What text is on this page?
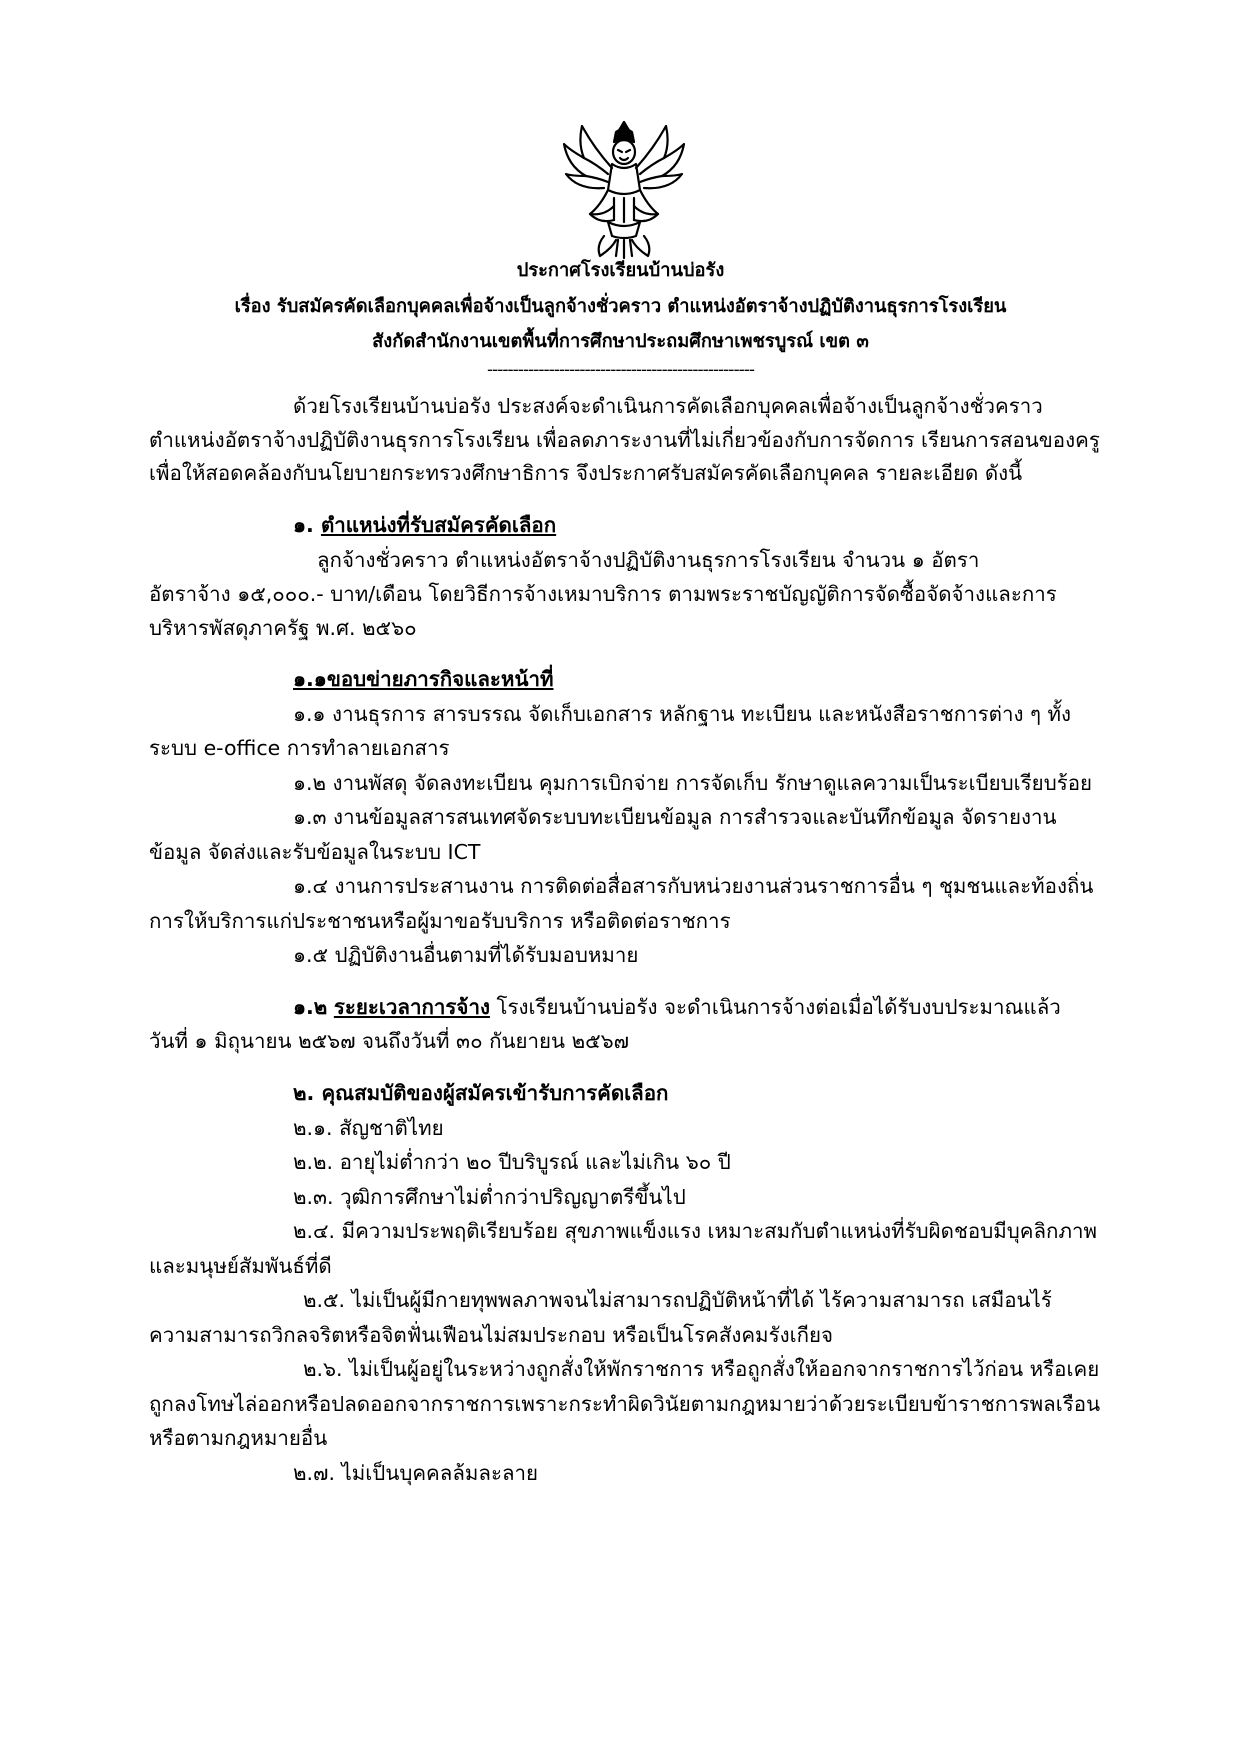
ประกาศโรงเรียนบ้านบ่อรัง
เรื่อง รับสมัครคัดเลือกบุคคลเพื่อจ้างเป็นลูกจ้างชั่วคราว ตำแหน่งอัตราจ้างปฏิบัติงานธุรการโรงเรียน
สังกัดสำนักงานเขตพื้นที่การศึกษาประถมศึกษาเพชรบูรณ์ เขต ๓
----------------------------------------------------
ด้วยโรงเรียนบ้านบ่อรัง ประสงค์จะดำเนินการคัดเลือกบุคคลเพื่อจ้างเป็นลูกจ้างชั่วคราว
ตำแหน่งอัตราจ้างปฏิบัติงานธุรการโรงเรียน เพื่อลดภาระงานที่ไม่เกี่ยวข้องกับการจัดการ เรียนการสอนของครู
เพื่อให้สอดคล้องกับนโยบายกระทรวงศึกษาธิการ จึงประกาศรับสมัครคัดเลือกบุคคล รายละเอียด ดังนี้
๑. ตำแหน่งที่รับสมัครคัดเลือก
ลูกจ้างชั่วคราว ตำแหน่งอัตราจ้างปฏิบัติงานธุรการโรงเรียน จำนวน ๑ อัตรา
อัตราจ้าง ๑๕,๐๐๐.- บาท/เดือน โดยวิธีการจ้างเหมาบริการ ตามพระราชบัญญัติการจัดซื้อจัดจ้างและการ
บริหารพัสดุภาครัฐ พ.ศ. ๒๕๖๐
๑.๑ขอบข่ายภารกิจและหน้าที่
๑.๑ งานธุรการ สารบรรณ จัดเก็บเอกสาร หลักฐาน ทะเบียน และหนังสือราชการต่าง ๆ ทั้ง
ระบบ e-office การทำลายเอกสาร
๑.๒ งานพัสดุ จัดลงทะเบียน คุมการเบิกจ่าย การจัดเก็บ รักษาดูแลความเป็นระเบียบเรียบร้อย
๑.๓ งานข้อมูลสารสนเทศจัดระบบทะเบียนข้อมูล การสำรวจและบันทึกข้อมูล จัดรายงาน
ข้อมูล จัดส่งและรับข้อมูลในระบบ ICT
๑.๔ งานการประสานงาน การติดต่อสื่อสารกับหน่วยงานส่วนราชการอื่น ๆ ชุมชนและท้องถิ่น
การให้บริการแก่ประชาชนหรือผู้มาขอรับบริการ หรือติดต่อราชการ
๑.๕ ปฏิบัติงานอื่นตามที่ได้รับมอบหมาย
๑.๒ ระยะเวลาการจ้าง โรงเรียนบ้านบ่อรัง จะดำเนินการจ้างต่อเมื่อได้รับงบประมาณแล้ว
วันที่ ๑ มิถุนายน ๒๕๖๗ จนถึงวันที่ ๓๐ กันยายน ๒๕๖๗
๒. คุณสมบัติของผู้สมัครเข้ารับการคัดเลือก
๒.๑. สัญชาติไทย
๒.๒. อายุไม่ต่ำกว่า ๒๐ ปีบริบูรณ์ และไม่เกิน ๖๐ ปี
๒.๓. วุฒิการศึกษาไม่ต่ำกว่าปริญญาตรีขึ้นไป
๒.๔. มีความประพฤติเรียบร้อย สุขภาพแข็งแรง เหมาะสมกับตำแหน่งที่รับผิดชอบมีบุคลิกภาพ
และมนุษย์สัมพันธ์ที่ดี
๒.๕. ไม่เป็นผู้มีกายทุพพลภาพจนไม่สามารถปฏิบัติหน้าที่ได้ ไร้ความสามารถ เสมือนไร้
ความสามารถวิกลจริตหรือจิตฟั่นเฟือนไม่สมประกอบ หรือเป็นโรคสังคมรังเกียจ
๒.๖. ไม่เป็นผู้อยู่ในระหว่างถูกสั่งให้พักราชการ หรือถูกสั่งให้ออกจากราชการไว้ก่อน หรือเคย
ถูกลงโทษไล่ออกหรือปลดออกจากราชการเพราะกระทำผิดวินัยตามกฎหมายว่าด้วยระเบียบข้าราชการพลเรือน
หรือตามกฎหมายอื่น
๒.๗. ไม่เป็นบุคคลล้มละลาย
